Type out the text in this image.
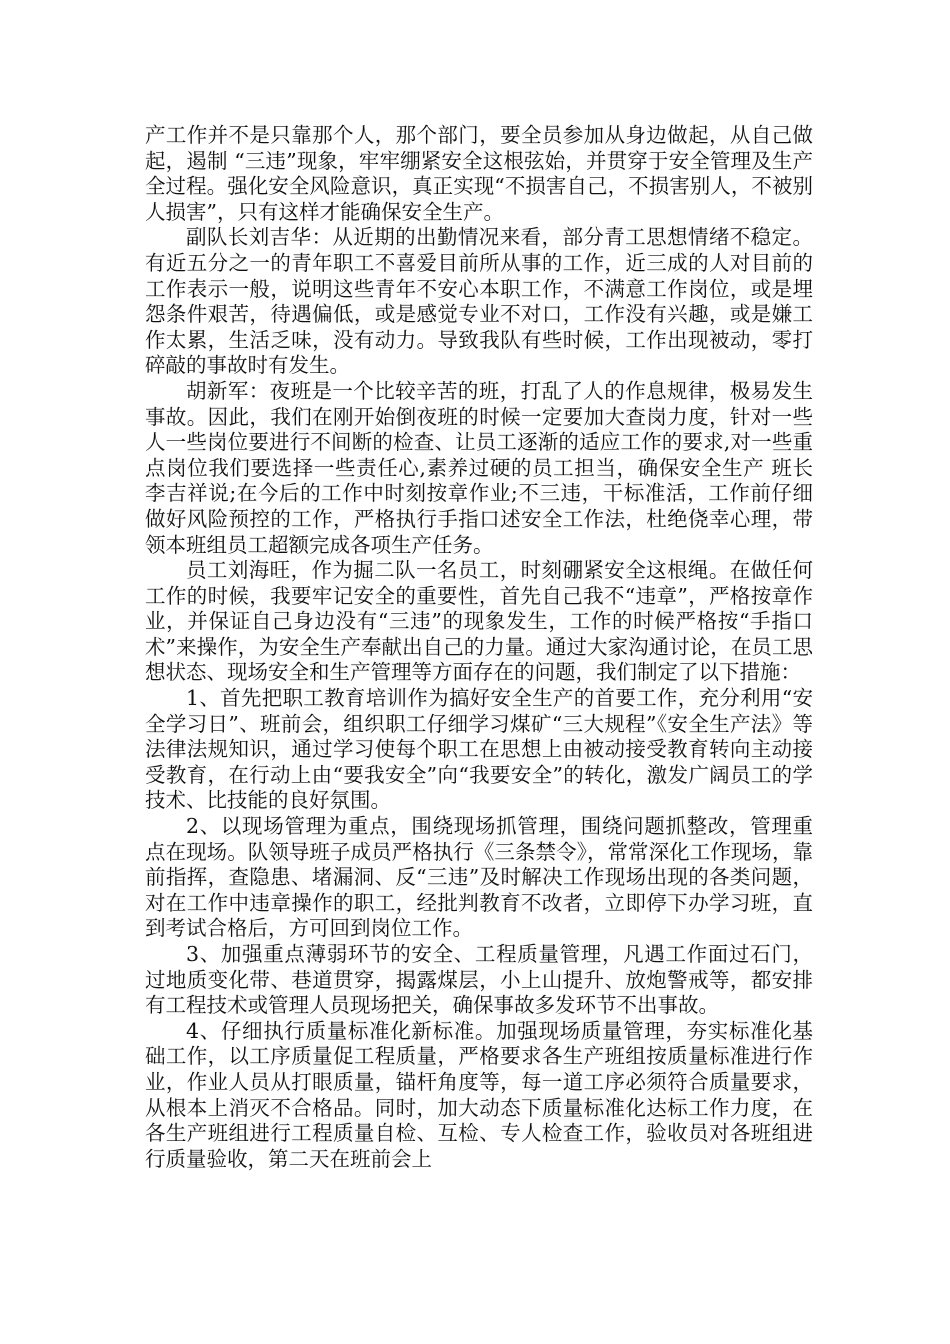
产工作并不是只靠那个人，那个部门，要全员参加从身边做起，从自己做起，遏制 “三违”现象，牢牢绷紧安全这根弦始，并贯穿于安全管理及生产全过程。强化安全风险意识，真正实现“不损害自己，不损害别人，不被别人损害”，只有这样才能确保安全生产。

副队长刘吉华：从近期的出勤情况来看，部分青工思想情绪不稳定。有近五分之一的青年职工不喜爱目前所从事的工作，近三成的人对目前的工作表示一般，说明这些青年不安心本职工作，不满意工作岗位，或是埋怨条件艰苦，待遇偏低，或是感觉专业不对口，工作没有兴趣，或是嫌工作太累，生活乏味，没有动力。导致我队有些时候，工作出现被动，零打碎敲的事故时有发生。

胡新军：夜班是一个比较辛苦的班，打乱了人的作息规律，极易发生事故。因此，我们在刚开始倒夜班的时候一定要加大查岗力度，针对一些人一些岗位要进行不间断的检查、让员工逐渐的适应工作的要求,对一些重点岗位我们要选择一些责任心,素养过硬的员工担当，确保安全生产 班长李吉祥说;在今后的工作中时刻按章作业;不三违，干标准活，工作前仔细做好风险预控的工作，严格执行手指口述安全工作法，杜绝侥幸心理，带领本班组员工超额完成各项生产任务。

员工刘海旺，作为掘二队一名员工，时刻硼紧安全这根绳。在做任何工作的时候，我要牢记安全的重要性，首先自己我不“违章”，严格按章作业，并保证自己身边没有“三违”的现象发生，工作的时候严格按“手指口术”来操作，为安全生产奉献出自己的力量。通过大家沟通讨论，在员工思想状态、现场安全和生产管理等方面存在的问题，我们制定了以下措施：

1、首先把职工教育培训作为搞好安全生产的首要工作，充分利用“安全学习日”、班前会，组织职工仔细学习煤矿“三大规程”《安全生产法》等法律法规知识，通过学习使每个职工在思想上由被动接受教育转向主动接受教育，在行动上由“要我安全”向“我要安全”的转化，激发广阔员工的学技术、比技能的良好氛围。

2、以现场管理为重点，围绕现场抓管理，围绕问题抓整改，管理重点在现场。队领导班子成员严格执行《三条禁令》，常常深化工作现场，靠前指挥，查隐患、堵漏洞、反“三违”及时解决工作现场出现的各类问题，对在工作中违章操作的职工，经批判教育不改者，立即停下办学习班，直到考试合格后，方可回到岗位工作。

3、加强重点薄弱环节的安全、工程质量管理，凡遇工作面过石门，过地质变化带、巷道贯穿，揭露煤层，小上山提升、放炮警戒等，都安排有工程技术或管理人员现场把关，确保事故多发环节不出事故。

4、仔细执行质量标准化新标准。加强现场质量管理，夯实标准化基础工作，以工序质量促工程质量，严格要求各生产班组按质量标准进行作业，作业人员从打眼质量，锚杆角度等，每一道工序必须符合质量要求，从根本上消灭不合格品。同时，加大动态下质量标准化达标工作力度，在各生产班组进行工程质量自检、互检、专人检查工作，验收员对各班组进行质量验收，第二天在班前会上
